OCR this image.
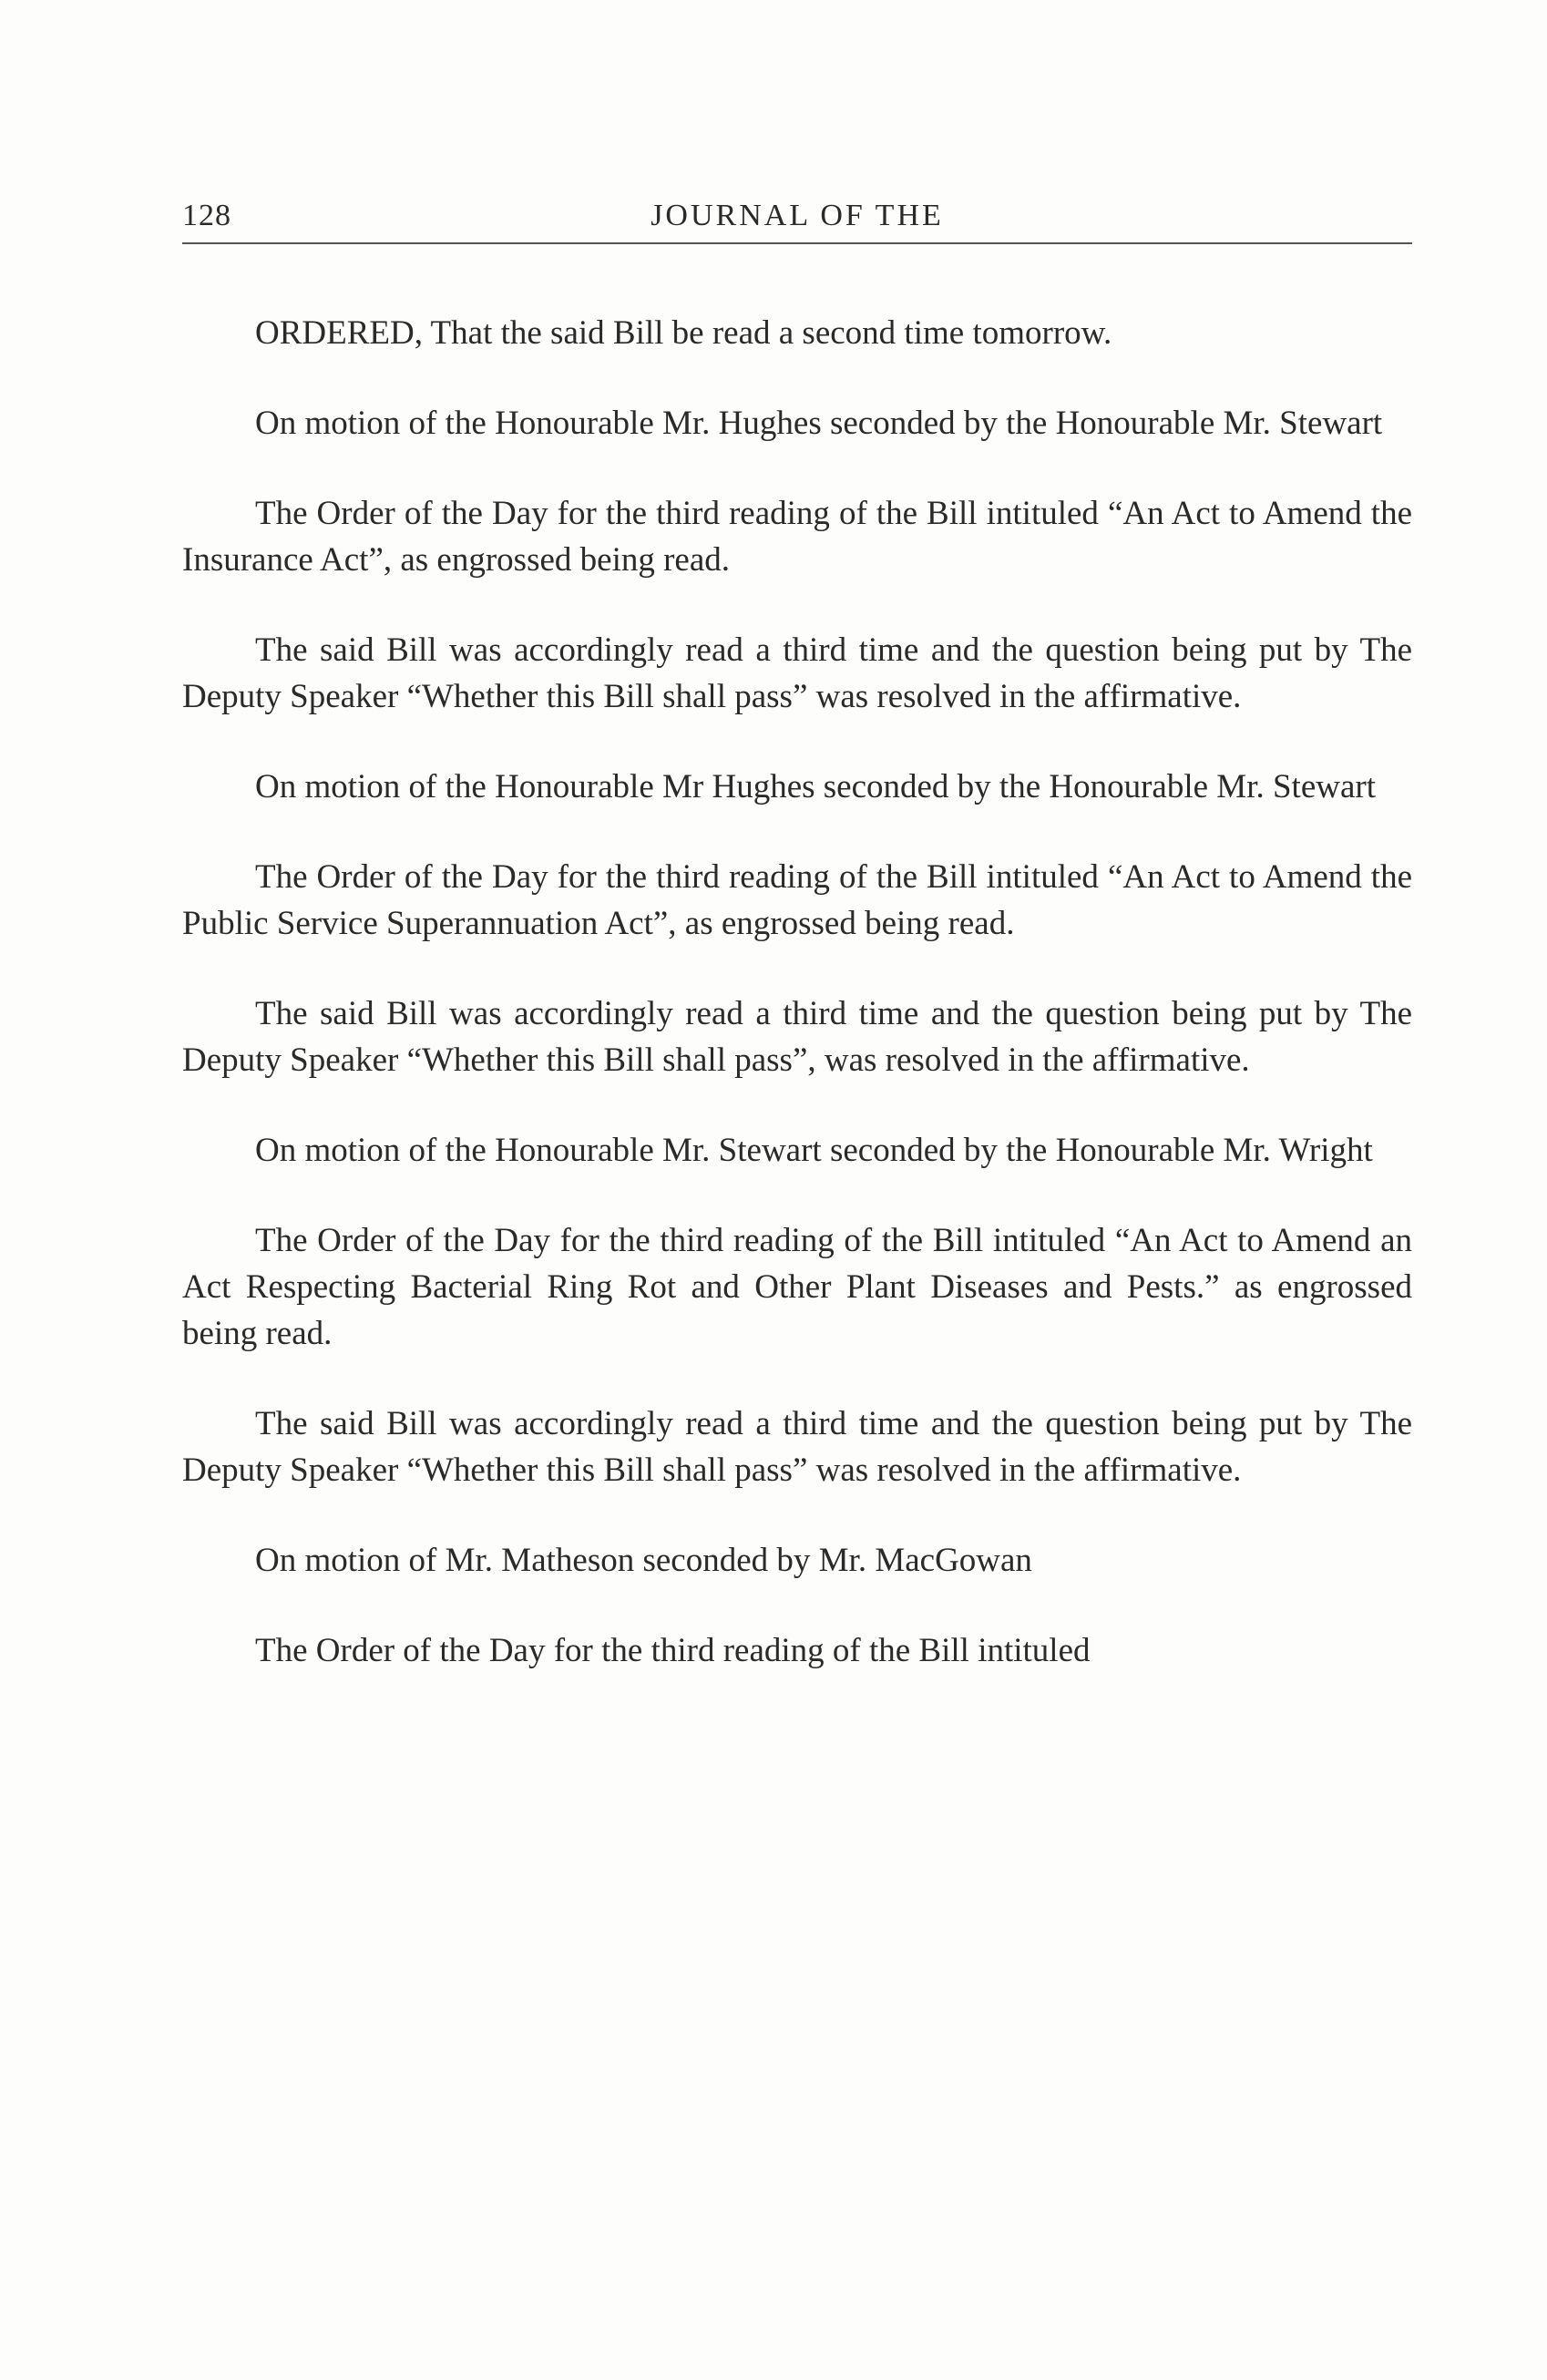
128	JOURNAL OF THE

ORDERED, That the said Bill be read a second time tomorrow.

On motion of the Honourable Mr. Hughes seconded by the Honourable Mr. Stewart

The Order of the Day for the third reading of the Bill intituled “An Act to Amend the Insurance Act”, as engrossed being read.

The said Bill was accordingly read a third time and the question being put by The Deputy Speaker “Whether this Bill shall pass” was resolved in the affirmative.

On motion of the Honourable Mr Hughes seconded by the Honourable Mr. Stewart

The Order of the Day for the third reading of the Bill intituled “An Act to Amend the Public Service Superannuation Act”, as engrossed being read.

The said Bill was accordingly read a third time and the question being put by The Deputy Speaker “Whether this Bill shall pass”, was resolved in the affirmative.

On motion of the Honourable Mr. Stewart seconded by the Honourable Mr. Wright

The Order of the Day for the third reading of the Bill intituled “An Act to Amend an Act Respecting Bacterial Ring Rot and Other Plant Diseases and Pests.” as engrossed being read.

The said Bill was accordingly read a third time and the question being put by The Deputy Speaker “Whether this Bill shall pass” was resolved in the affirmative.

On motion of Mr. Matheson seconded by Mr. MacGowan

The Order of the Day for the third reading of the Bill intituled
